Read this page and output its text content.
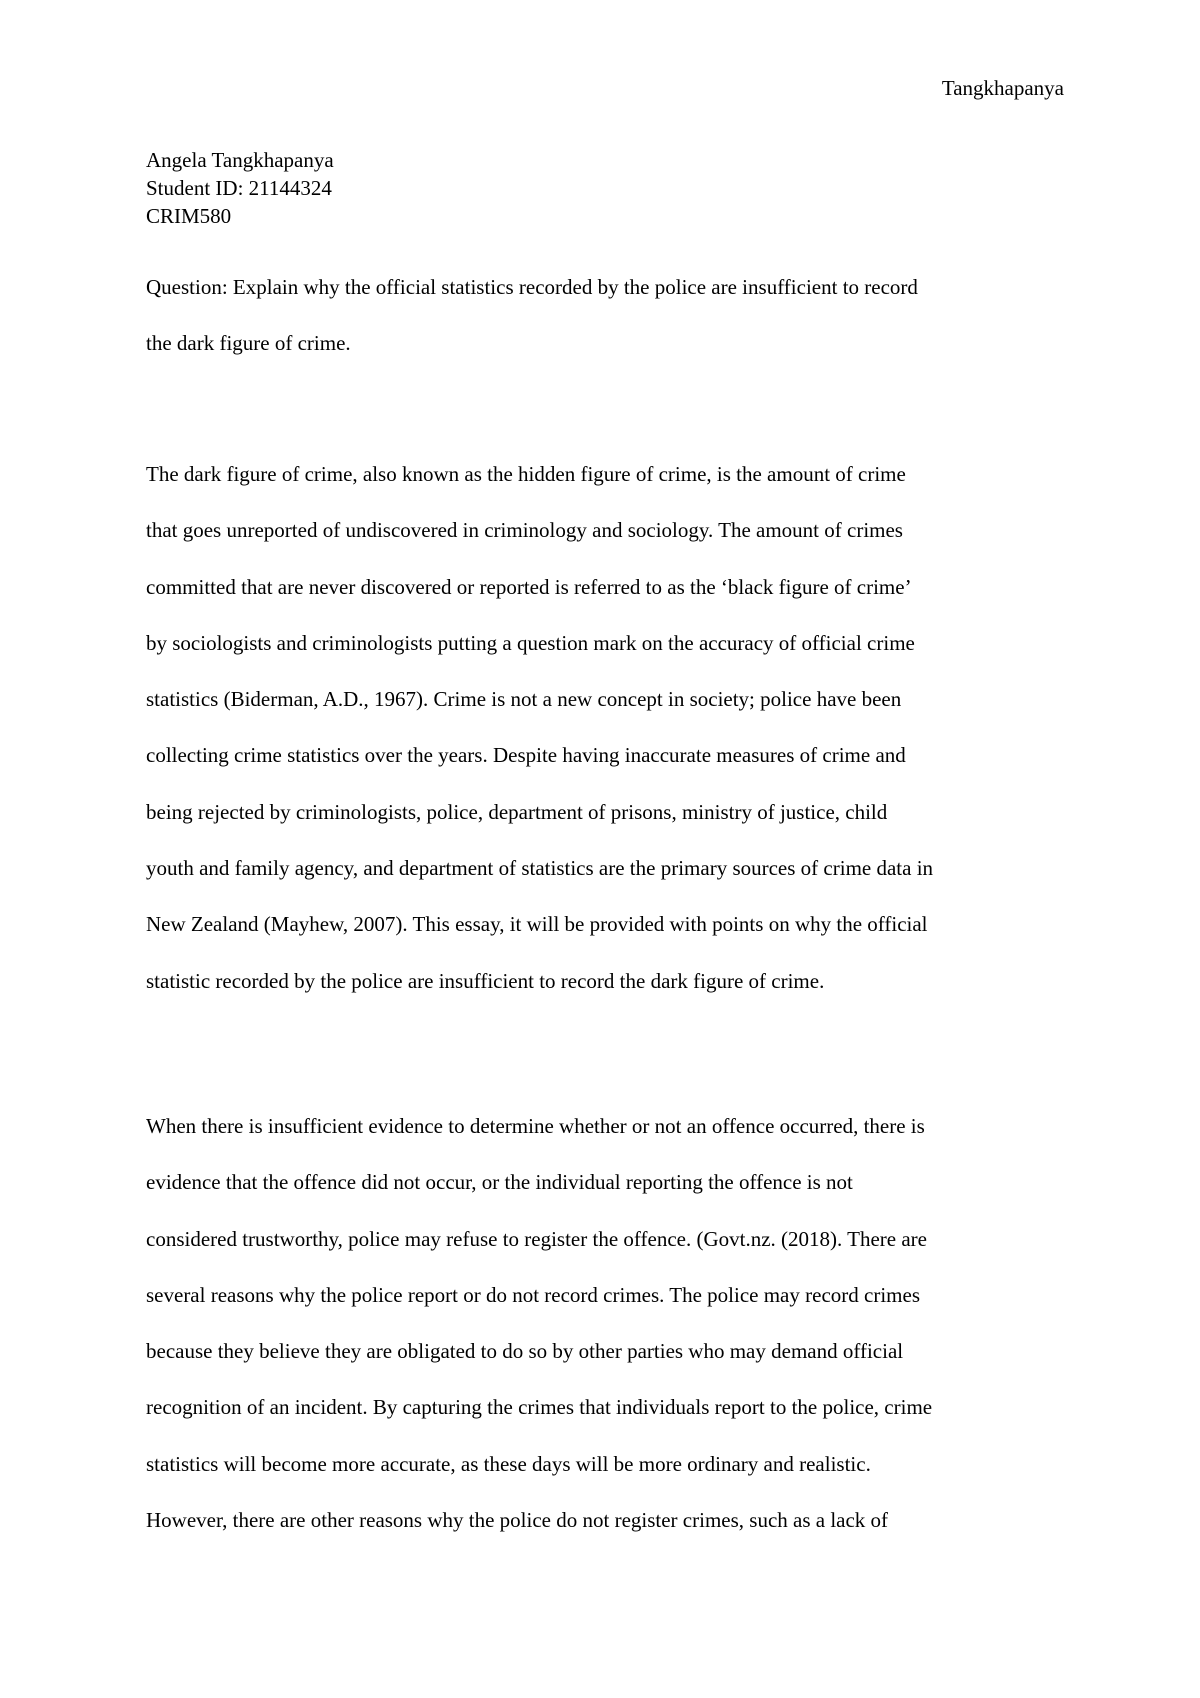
Tangkhapanya
Angela Tangkhapanya
Student ID: 21144324
CRIM580
Question: Explain why the official statistics recorded by the police are insufficient to record
the dark figure of crime.
The dark figure of crime, also known as the hidden figure of crime, is the amount of crime
that goes unreported of undiscovered in criminology and sociology. The amount of crimes
committed that are never discovered or reported is referred to as the ‘black figure of crime’
by sociologists and criminologists putting a question mark on the accuracy of official crime
statistics (Biderman, A.D., 1967). Crime is not a new concept in society; police have been
collecting crime statistics over the years. Despite having inaccurate measures of crime and
being rejected by criminologists, police, department of prisons, ministry of justice, child
youth and family agency, and department of statistics are the primary sources of crime data in
New Zealand (Mayhew, 2007). This essay, it will be provided with points on why the official
statistic recorded by the police are insufficient to record the dark figure of crime.
When there is insufficient evidence to determine whether or not an offence occurred, there is
evidence that the offence did not occur, or the individual reporting the offence is not
considered trustworthy, police may refuse to register the offence. (Govt.nz. (2018). There are
several reasons why the police report or do not record crimes. The police may record crimes
because they believe they are obligated to do so by other parties who may demand official
recognition of an incident. By capturing the crimes that individuals report to the police, crime
statistics will become more accurate, as these days will be more ordinary and realistic.
However, there are other reasons why the police do not register crimes, such as a lack of
